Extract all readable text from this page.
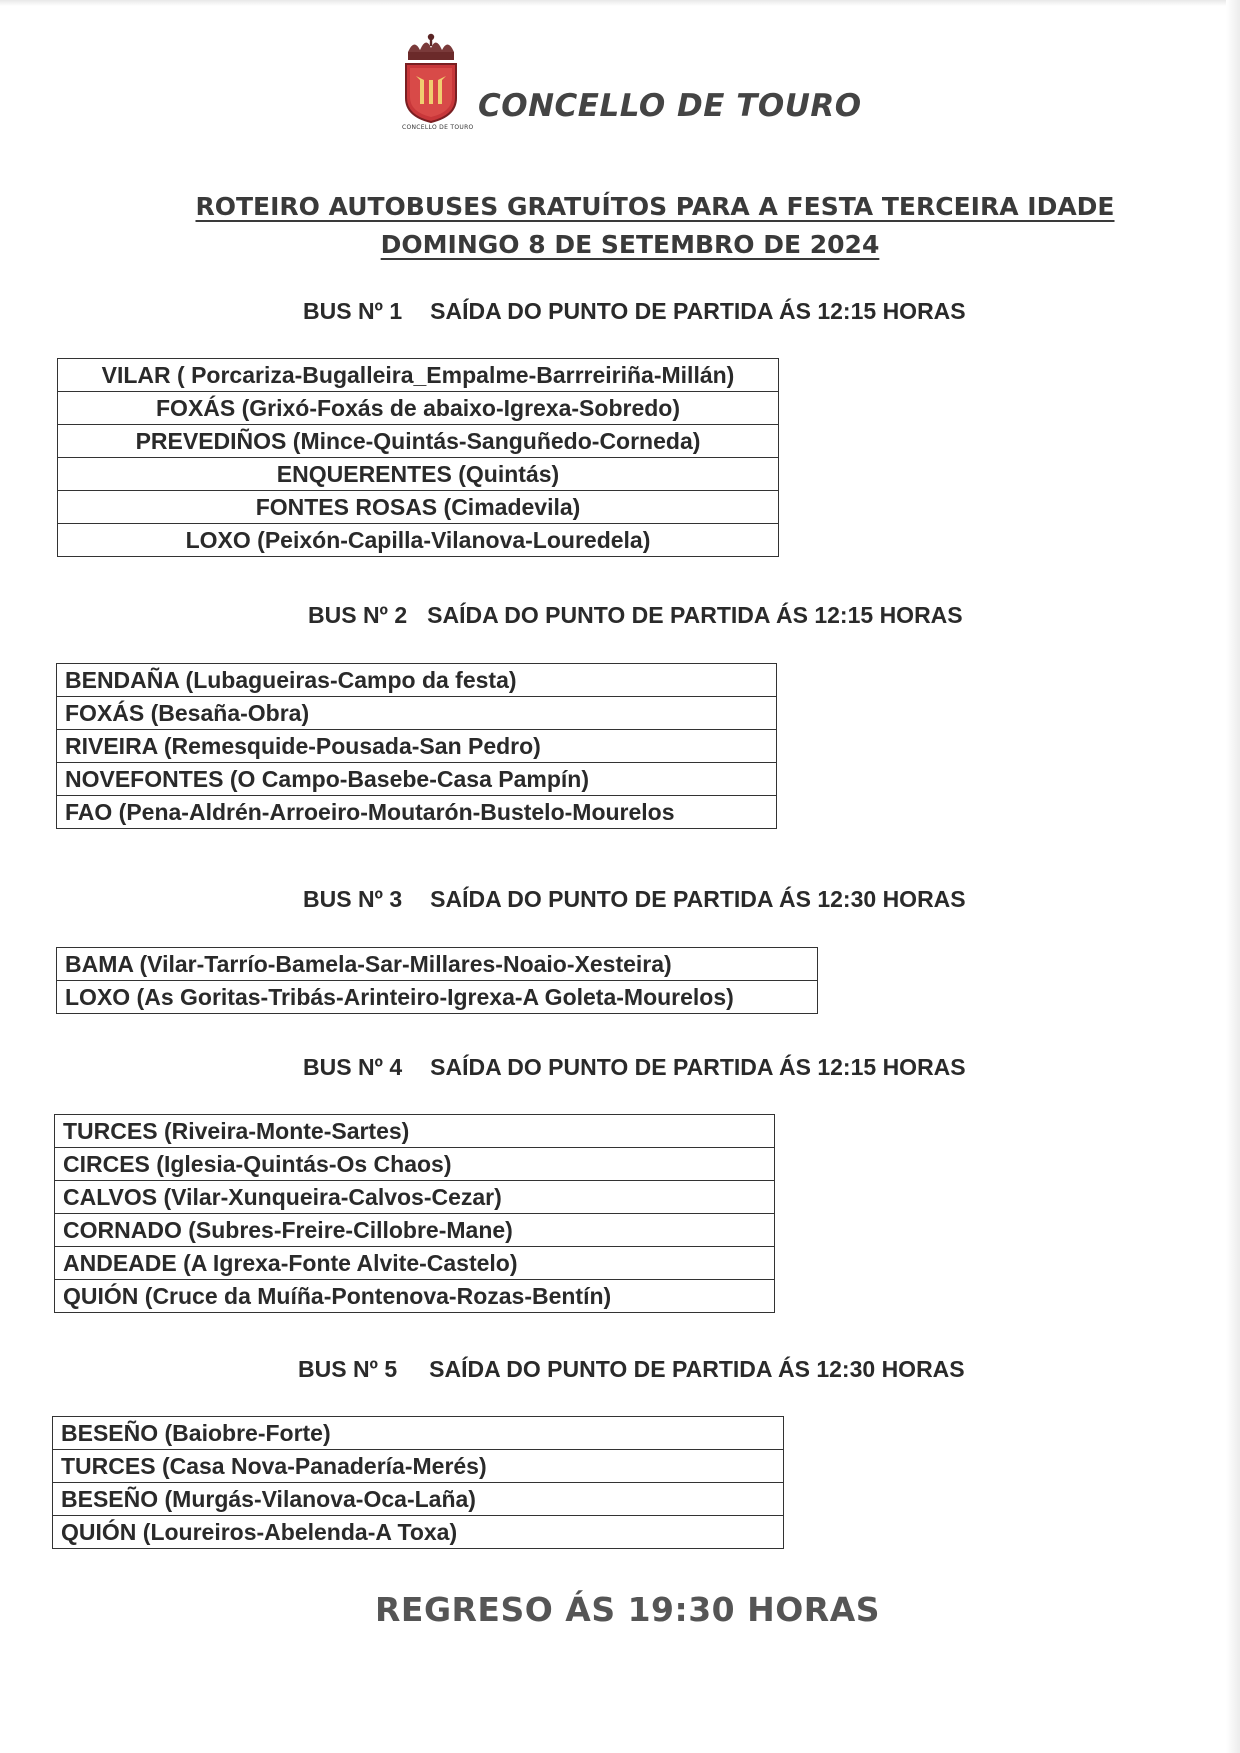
CONCELLO DE TOURO
CONCELLO DE TOURO
ROTEIRO AUTOBUSES GRATUÍTOS PARA A FESTA TERCEIRA IDADE
DOMINGO 8 DE SETEMBRO DE 2024
BUS Nº 1 SAÍDA DO PUNTO DE PARTIDA ÁS 12:15 HORAS
VILAR ( Porcariza-Bugalleira_Empalme-Barrreiriña-Millán)
FOXÁS (Grixó-Foxás de abaixo-Igrexa-Sobredo)
PREVEDIÑOS (Mince-Quintás-Sanguñedo-Corneda)
ENQUERENTES (Quintás)
FONTES ROSAS (Cimadevila)
LOXO (Peixón-Capilla-Vilanova-Louredela)
BUS Nº 2 SAÍDA DO PUNTO DE PARTIDA ÁS 12:15 HORAS
BENDAÑA (Lubagueiras-Campo da festa)
FOXÁS (Besaña-Obra)
RIVEIRA (Remesquide-Pousada-San Pedro)
NOVEFONTES (O Campo-Basebe-Casa Pampín)
FAO (Pena-Aldrén-Arroeiro-Moutarón-Bustelo-Mourelos
BUS Nº 3 SAÍDA DO PUNTO DE PARTIDA ÁS 12:30 HORAS
BAMA (Vilar-Tarrío-Bamela-Sar-Millares-Noaio-Xesteira)
LOXO (As Goritas-Tribás-Arinteiro-Igrexa-A Goleta-Mourelos)
BUS Nº 4 SAÍDA DO PUNTO DE PARTIDA ÁS 12:15 HORAS
TURCES (Riveira-Monte-Sartes)
CIRCES (Iglesia-Quintás-Os Chaos)
CALVOS (Vilar-Xunqueira-Calvos-Cezar)
CORNADO (Subres-Freire-Cillobre-Mane)
ANDEADE (A Igrexa-Fonte Alvite-Castelo)
QUIÓN (Cruce da Muíña-Pontenova-Rozas-Bentín)
BUS Nº 5 SAÍDA DO PUNTO DE PARTIDA ÁS 12:30 HORAS
BESEÑO (Baiobre-Forte)
TURCES (Casa Nova-Panadería-Merés)
BESEÑO (Murgás-Vilanova-Oca-Laña)
QUIÓN (Loureiros-Abelenda-A Toxa)
REGRESO ÁS 19:30 HORAS
